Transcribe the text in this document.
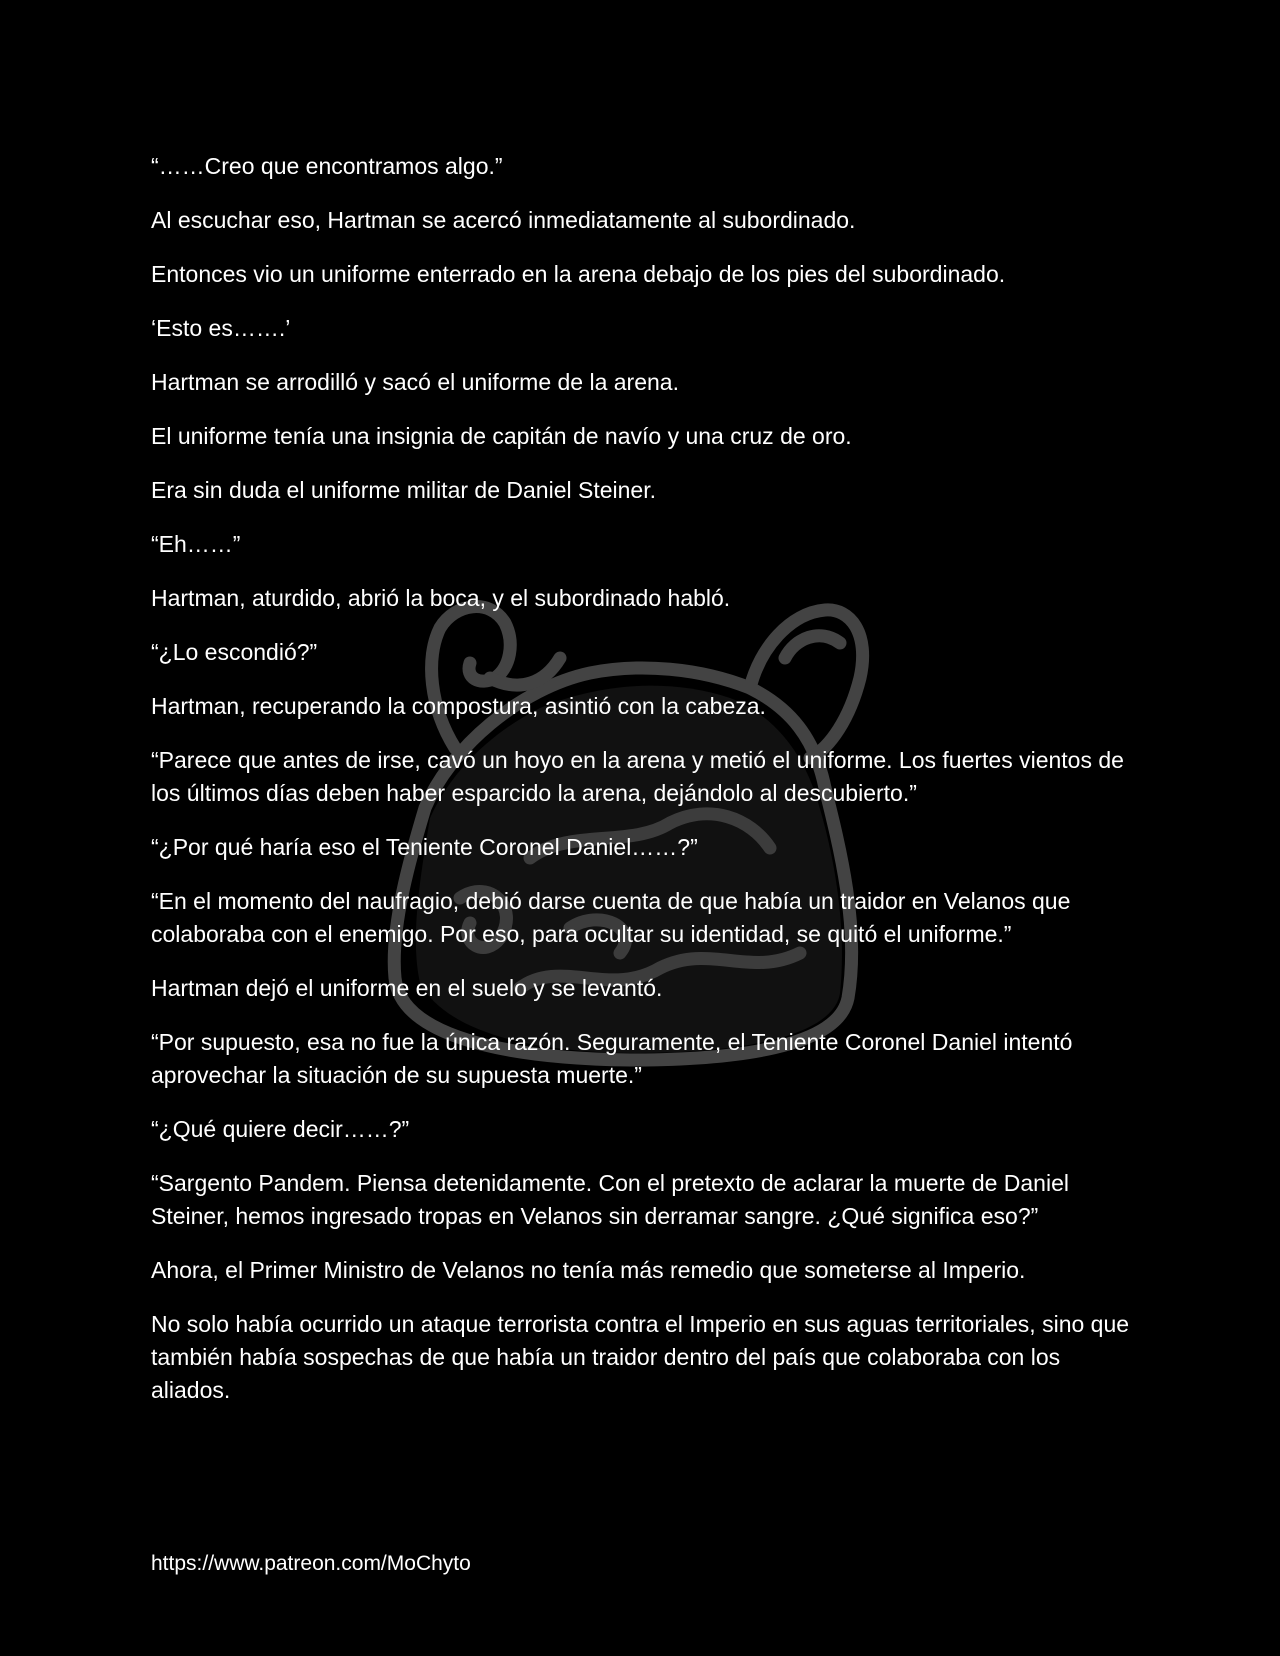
“……Creo que encontramos algo.”

Al escuchar eso, Hartman se acercó inmediatamente al subordinado.

Entonces vio un uniforme enterrado en la arena debajo de los pies del subordinado.

‘Esto es…….’

Hartman se arrodilló y sacó el uniforme de la arena.

El uniforme tenía una insignia de capitán de navío y una cruz de oro.

Era sin duda el uniforme militar de Daniel Steiner.

“Eh……”

Hartman, aturdido, abrió la boca, y el subordinado habló.

“¿Lo escondió?”

Hartman, recuperando la compostura, asintió con la cabeza.

“Parece que antes de irse, cavó un hoyo en la arena y metió el uniforme. Los fuertes vientos de los últimos días deben haber esparcido la arena, dejándolo al descubierto.”

“¿Por qué haría eso el Teniente Coronel Daniel……?”

“En el momento del naufragio, debió darse cuenta de que había un traidor en Velanos que colaboraba con el enemigo. Por eso, para ocultar su identidad, se quitó el uniforme.”

Hartman dejó el uniforme en el suelo y se levantó.

“Por supuesto, esa no fue la única razón. Seguramente, el Teniente Coronel Daniel intentó aprovechar la situación de su supuesta muerte.”

“¿Qué quiere decir……?”

“Sargento Pandem. Piensa detenidamente. Con el pretexto de aclarar la muerte de Daniel Steiner, hemos ingresado tropas en Velanos sin derramar sangre. ¿Qué significa eso?”

Ahora, el Primer Ministro de Velanos no tenía más remedio que someterse al Imperio.

No solo había ocurrido un ataque terrorista contra el Imperio en sus aguas territoriales, sino que también había sospechas de que había un traidor dentro del país que colaboraba con los aliados.

https://www.patreon.com/MoChyto
